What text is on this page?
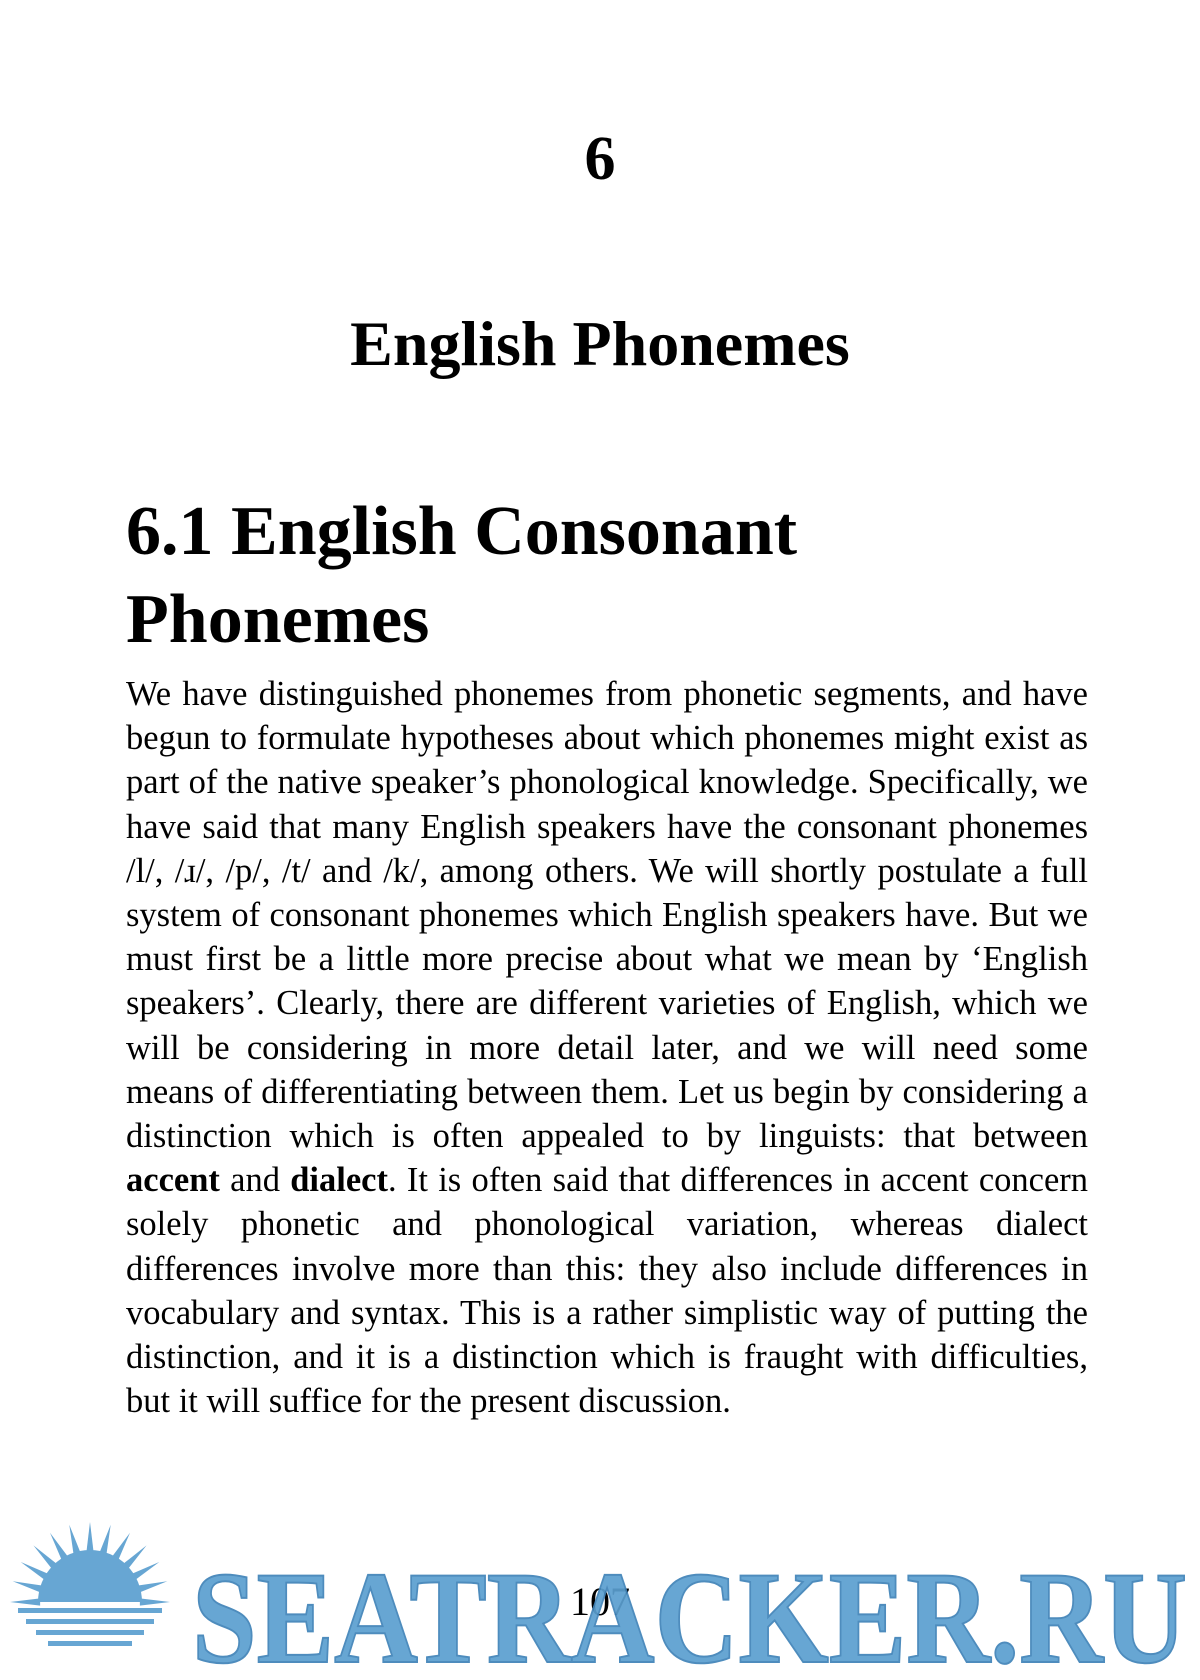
6
English Phonemes
6.1 English Consonant Phonemes

We have distinguished phonemes from phonetic segments, and have begun to formulate hypotheses about which phonemes might exist as part of the native speaker’s phonological knowledge. Specifically, we have said that many English speakers have the consonant phonemes /l/, /ɹ/, /p/, /t/ and /k/, among others. We will shortly postulate a full system of consonant phonemes which English speakers have. But we must first be a little more precise about what we mean by ‘English speakers’. Clearly, there are different varieties of English, which we will be considering in more detail later, and we will need some means of differentiating between them. Let us begin by considering a distinction which is often appealed to by linguists: that between accent and dialect. It is often said that differences in accent concern solely phonetic and phonological variation, whereas dialect differences involve more than this: they also include differences in vocabulary and syntax. This is a rather simplistic way of putting the distinction, and it is a distinction which is fraught with difficulties, but it will suffice for the present discussion.

107
SEATRACKER.RU
